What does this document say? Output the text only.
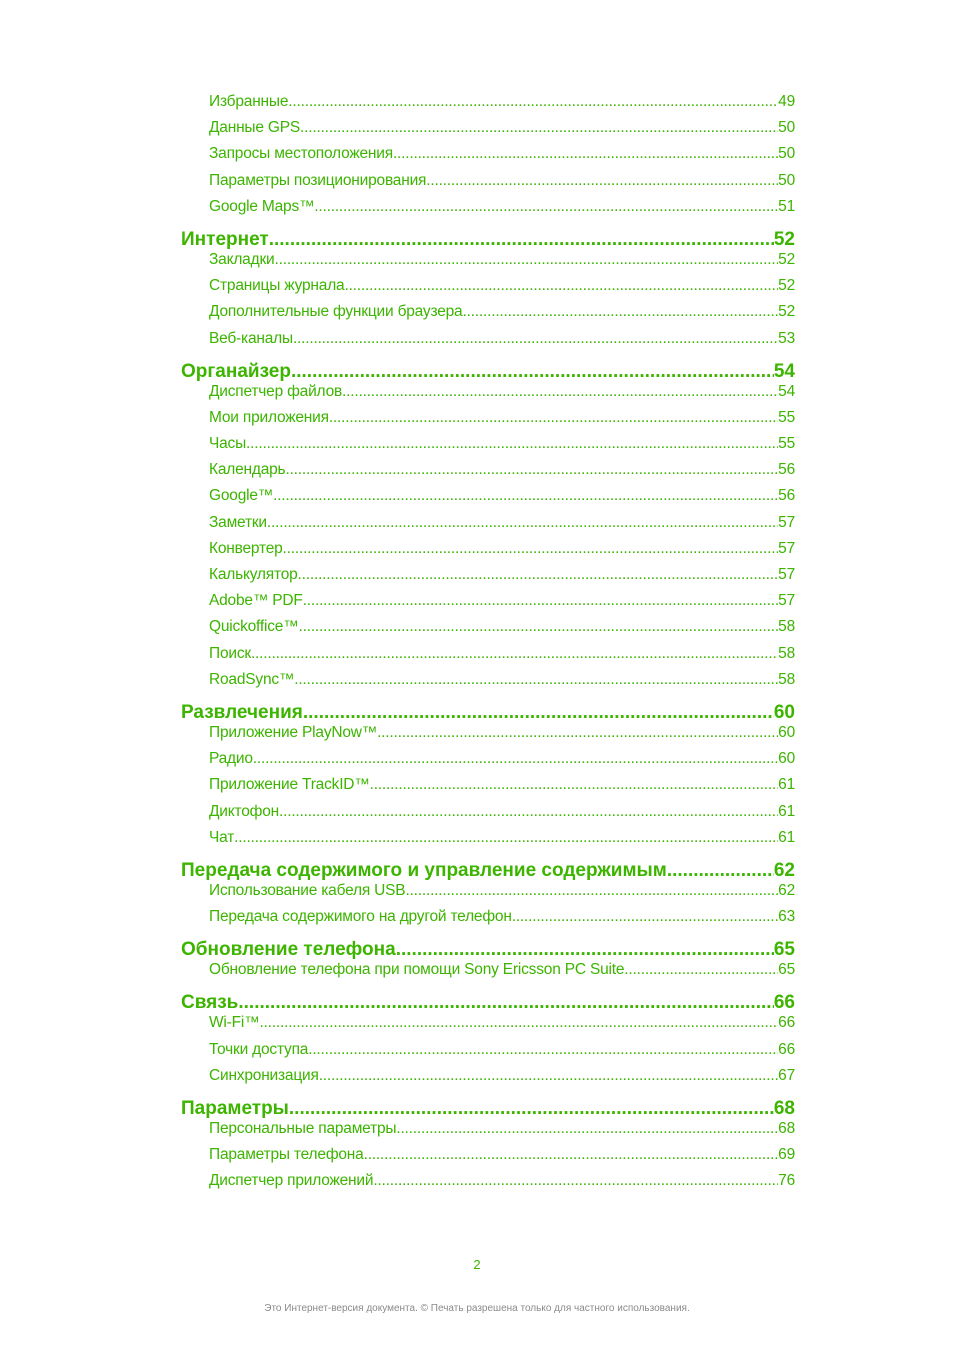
Избранные .....	49
Данные GPS .....	50
Запросы местоположения .....	50
Параметры позиционирования .....	50
Google Maps™ .....	51
Интернет .....	52
Закладки .....	52
Страницы журнала .....	52
Дополнительные функции браузера .....	52
Веб-каналы .....	53
Органайзер .....	54
Диспетчер файлов .....	54
Мои приложения .....	55
Часы .....	55
Календарь .....	56
Google™ .....	56
Заметки .....	57
Конвертер .....	57
Калькулятор .....	57
Adobe™ PDF .....	57
Quickoffice™ .....	58
Поиск .....	58
RoadSync™ .....	58
Развлечения .....	60
Приложение PlayNow™ .....	60
Радио .....	60
Приложение TrackID™ .....	61
Диктофон .....	61
Чат .....	61
Передача содержимого и управление содержимым .....	62
Использование кабеля USB .....	62
Передача содержимого на другой телефон .....	63
Обновление телефона .....	65
Обновление телефона при помощи Sony Ericsson PC Suite .....	65
Связь .....	66
Wi-Fi™ .....	66
Точки доступа .....	66
Синхронизация .....	67
Параметры .....	68
Персональные параметры .....	68
Параметры телефона .....	69
Диспетчер приложений .....	76
2
Это Интернет-версия документа. © Печать разрешена только для частного использования.
